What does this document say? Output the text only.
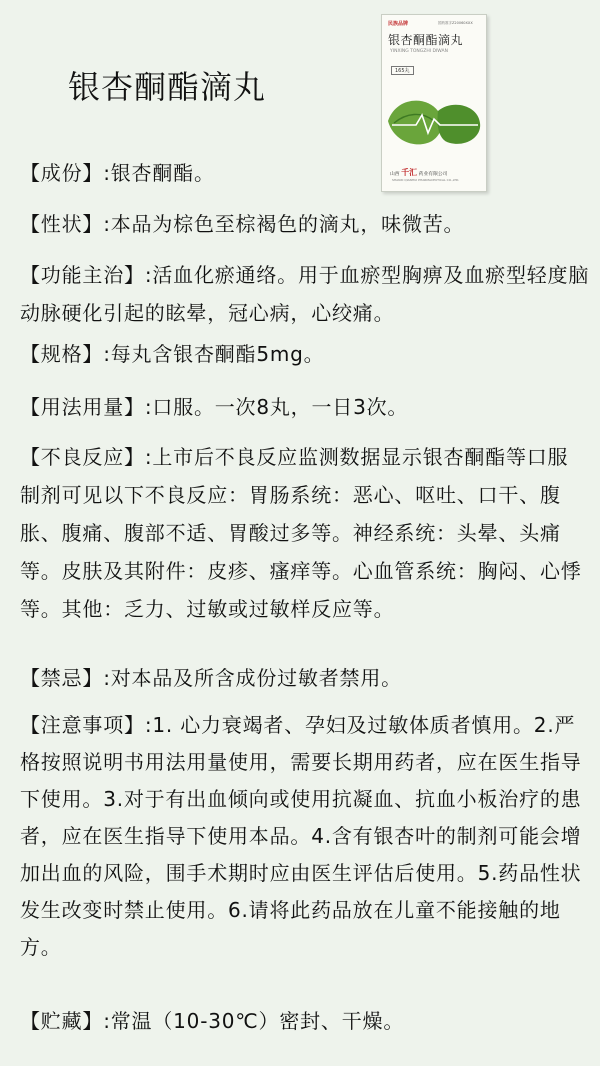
银杏酮酯滴丸
民族品牌	国药准字Z20060XXX
银杏酮酯滴丸
YINXING TONGZHI DIWAN
165丸
山西 千汇 药业有限公司
SHANXI QIANHUI PHARMACEUTICAL CO.,LTD.

【成份】:银杏酮酯。

【性状】:本品为棕色至棕褐色的滴丸，味微苦。

【功能主治】:活血化瘀通络。用于血瘀型胸痹及血瘀型轻度脑动脉硬化引起的眩晕，冠心病，心绞痛。

【规格】:每丸含银杏酮酯5mg。

【用法用量】:口服。一次8丸，一日3次。

【不良反应】:上市后不良反应监测数据显示银杏酮酯等口服制剂可见以下不良反应：胃肠系统：恶心、呕吐、口干、腹胀、腹痛、腹部不适、胃酸过多等。神经系统：头晕、头痛等。皮肤及其附件：皮疹、瘙痒等。心血管系统：胸闷、心悸等。其他：乏力、过敏或过敏样反应等。

【禁忌】:对本品及所含成份过敏者禁用。

【注意事项】:1. 心力衰竭者、孕妇及过敏体质者慎用。2.严格按照说明书用法用量使用，需要长期用药者，应在医生指导下使用。3.对于有出血倾向或使用抗凝血、抗血小板治疗的患者，应在医生指导下使用本品。4.含有银杏叶的制剂可能会增加出血的风险，围手术期时应由医生评估后使用。5.药品性状发生改变时禁止使用。6.请将此药品放在儿童不能接触的地方。

【贮藏】:常温（10-30℃）密封、干燥。
